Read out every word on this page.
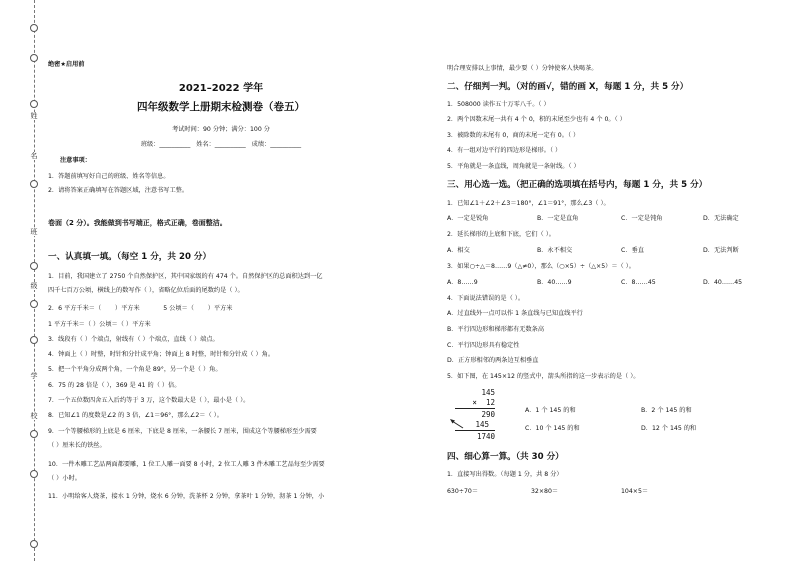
姓
名
班
级
学
校
绝密★启用前
2021–2022 学年
四年级数学上册期末检测卷（卷五）
考试时间：90 分钟；满分：100 分
班级：__________   姓名：__________   成绩：__________
注意事项：
1．答题前填写好自己的班级、姓名等信息。
2．请将答案正确填写在答题区域，注意书写工整。
卷面（2 分）。我能做到书写端正，格式正确，卷面整洁。
一、认真填一填。（每空 1 分，共 20 分）
1．目前，我国建立了 2750 个自然保护区，其中国家级的有 474 个。自然保护区的总面积达到一亿
四千七百万公顷，横线上的数写作（ ），省略亿位后面的尾数约是（ ）。
2．6 平方千米＝（       ）平方米            5 公顷＝（       ）平方米
1 平方千米＝（ ）公顷＝（ ）平方米
3．线段有（ ）个端点，射线有（ ）个端点，直线（ ）端点。
4．钟面上（ ）时整，时针和分针成平角；钟面上 8 时整，时针和分针成（ ）角。
5．把一个平角分成两个角，一个角是 89°，另一个是（ ）角。
6．75 的 28 倍是（ ），369 是 41 的（ ）倍。
7．一个五位数四舍五入后约等于 3 万，这个数最大是（ ），最小是（ ）。
8．已知∠1 的度数是∠2 的 3 倍，∠1＝96°，那么∠2＝（ ）。
9．一个等腰梯形的上底是 6 厘米，下底是 8 厘米，一条腰长 7 厘米，围成这个等腰梯形至少需要
（ ）厘米长的铁丝。
10．一件木雕工艺品两面都要雕，1 位工人雕一面要 8 小时，2 位工人雕 3 件木雕工艺品每至少需要
（ ）小时。
11．小明给客人烧茶，接水 1 分钟，烧水 6 分钟，洗茶杯 2 分钟，拿茶叶 1 分钟，沏茶 1 分钟，小
明合理安排以上事情，最少要（ ）分钟使客人快喝茶。
二、仔细判一判。（对的画√，错的画 X，每题 1 分，共 5 分）
1．508000 读作五十万零八千。（ ）
2．两个因数末尾一共有 4 个 0，积的末尾至少也有 4 个 0。（ ）
3．被除数的末尾有 0，商的末尾一定有 0。（ ）
4．有一组对边平行的四边形是梯形。（ ）
5．平角就是一条直线，周角就是一条射线。（ ）
三、用心选一选。（把正确的选项填在括号内，每题 1 分，共 5 分）
1．已知∠1＋∠2＋∠3＝180°，∠1＝91°，那么∠3（ ）。
A．一定是锐角	B．一定是直角	C．一定是钝角	D．无法确定
2．延长梯形的上底和下底，它们（ ）。
A．相交	B．永不相交	C．垂直	D．无法判断
3．如果○÷△＝8……9（△≠0），那么（○×5）÷（△×5）＝（ ）。
A．8……9	B．40……9	C．8……45	D．40……45
4．下面说法错误的是（ ）。
A．过直线外一点可以作 1 条直线与已知直线平行
B．平行四边形和梯形都有无数条高
C．平行四边形具有稳定性
D．正方形相邻的两条边互相垂直
5．如下图，在 145×12 的竖式中，箭头所指的这一步表示的是（ ）。
145
×  12
290
145
1740
A．1 个 145 的和	B．2 个 145 的和
C．10 个 145 的和	D．12 个 145 的和
四、细心算一算。（共 30 分）
1．直接写出得数。（每题 1 分，共 8 分）
630÷70＝	32×80＝	104×5＝
